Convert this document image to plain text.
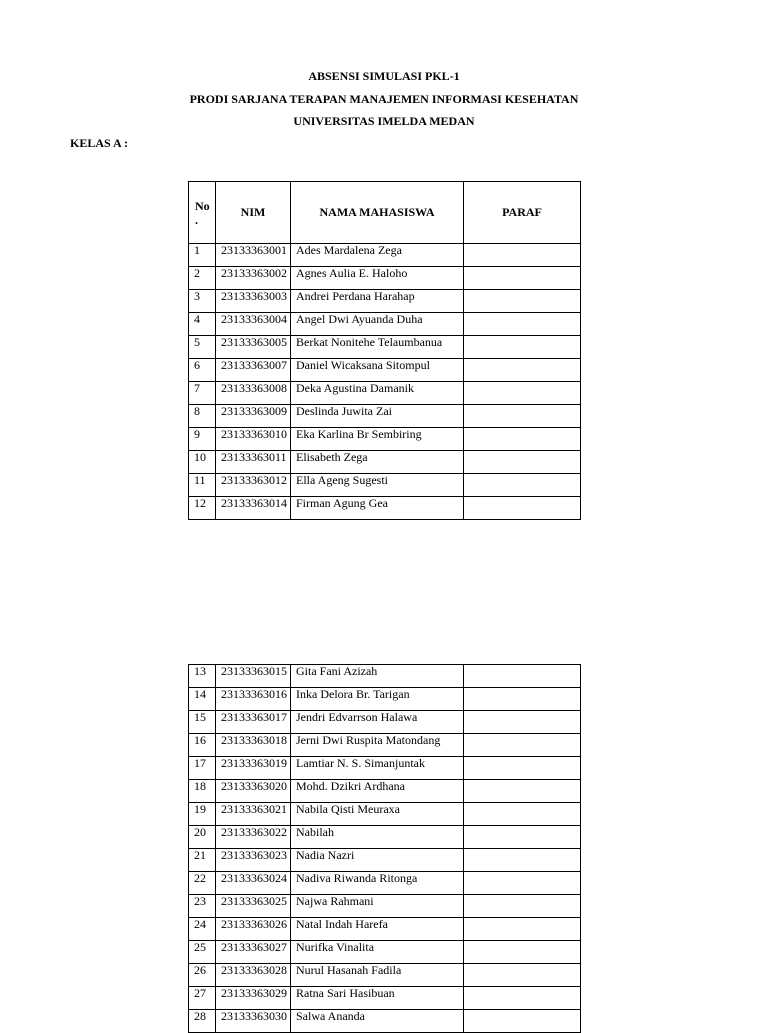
ABSENSI SIMULASI PKL-1
PRODI SARJANA TERAPAN MANAJEMEN INFORMASI KESEHATAN
UNIVERSITAS IMELDA MEDAN
KELAS A :
No
.	NIM	NAMA MAHASISWA	PARAF
1	23133363001	Ades Mardalena Zega	
2	23133363002	Agnes Aulia E. Haloho	
3	23133363003	Andrei Perdana Harahap	
4	23133363004	Angel Dwi Ayuanda Duha	
5	23133363005	Berkat Nonitehe Telaumbanua	
6	23133363007	Daniel Wicaksana Sitompul	
7	23133363008	Deka Agustina Damanik	
8	23133363009	Deslinda Juwita Zai	
9	23133363010	Eka Karlina Br Sembiring	
10	23133363011	Elisabeth Zega	
11	23133363012	Ella Ageng Sugesti	
12	23133363014	Firman Agung Gea	
13	23133363015	Gita Fani Azizah	
14	23133363016	Inka Delora Br. Tarigan	
15	23133363017	Jendri Edvarrson Halawa	
16	23133363018	Jerni Dwi Ruspita Matondang	
17	23133363019	Lamtiar N. S. Simanjuntak	
18	23133363020	Mohd. Dzikri Ardhana	
19	23133363021	Nabila Qisti Meuraxa	
20	23133363022	Nabilah	
21	23133363023	Nadia Nazri	
22	23133363024	Nadiva Riwanda Ritonga	
23	23133363025	Najwa Rahmani	
24	23133363026	Natal Indah Harefa	
25	23133363027	Nurifka Vinalita	
26	23133363028	Nurul Hasanah Fadila	
27	23133363029	Ratna Sari Hasibuan	
28	23133363030	Salwa Ananda	
